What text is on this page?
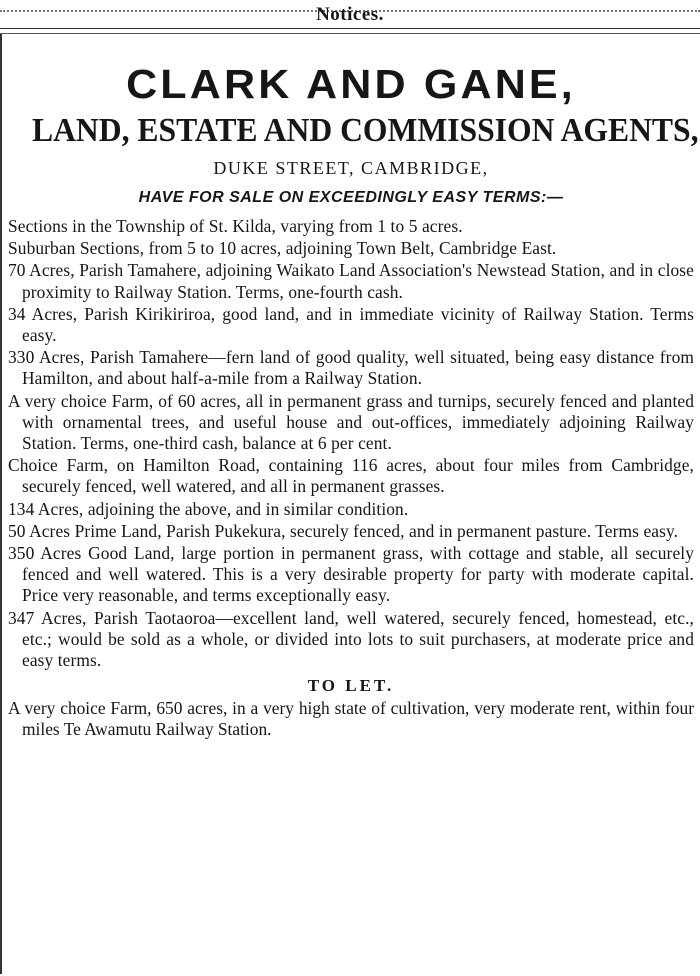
Notices.
CLARK AND GANE,
LAND, ESTATE AND COMMISSION AGENTS,
DUKE STREET, CAMBRIDGE,
HAVE FOR SALE ON EXCEEDINGLY EASY TERMS:—
Sections in the Township of St. Kilda, varying from 1 to 5 acres.
Suburban Sections, from 5 to 10 acres, adjoining Town Belt, Cambridge East.
70 Acres, Parish Tamahere, adjoining Waikato Land Association's Newstead Station, and in close proximity to Railway Station. Terms, one-fourth cash.
34 Acres, Parish Kirikiriroa, good land, and in immediate vicinity of Railway Station. Terms easy.
330 Acres, Parish Tamahere—fern land of good quality, well situated, being easy distance from Hamilton, and about half-a-mile from a Railway Station.
A very choice Farm, of 60 acres, all in permanent grass and turnips, securely fenced and planted with ornamental trees, and useful house and out-offices, immediately adjoining Railway Station. Terms, one-third cash, balance at 6 per cent.
Choice Farm, on Hamilton Road, containing 116 acres, about four miles from Cambridge, securely fenced, well watered, and all in permanent grasses.
134 Acres, adjoining the above, and in similar condition.
50 Acres Prime Land, Parish Pukekura, securely fenced, and in permanent pasture. Terms easy.
350 Acres Good Land, large portion in permanent grass, with cottage and stable, all securely fenced and well watered. This is a very desirable property for party with moderate capital. Price very reasonable, and terms exceptionally easy.
347 Acres, Parish Taotaoroa—excellent land, well watered, securely fenced, homestead, etc., etc.; would be sold as a whole, or divided into lots to suit purchasers, at moderate price and easy terms.
TO LET.

A very choice Farm, 650 acres, in a very high state of cultivation, very moderate rent, within four miles Te Awamutu Railway Station.
